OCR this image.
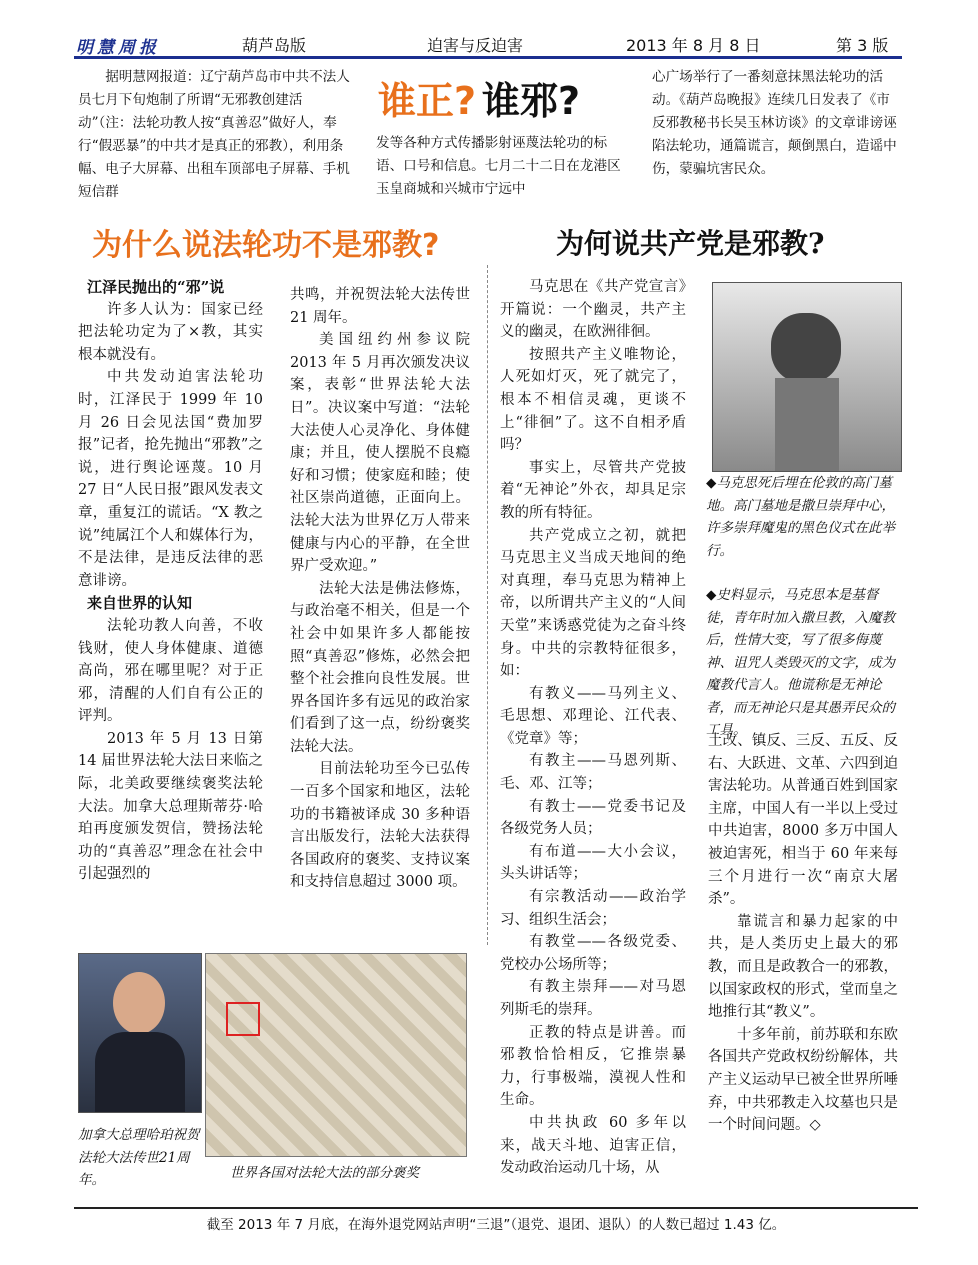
明慧周报	葫芦岛版	迫害与反迫害	2013 年 8 月 8 日	第 3 版

据明慧网报道：辽宁葫芦岛市中共不法人员七月下旬炮制了所谓“无邪教创建活动”（注：法轮功教人按“真善忍”做好人，奉行“假恶暴”的中共才是真正的邪教），利用条幅、电子大屏幕、出租车顶部电子屏幕、手机短信群

谁正? 谁邪?

发等各种方式传播影射诬蔑法轮功的标语、口号和信息。七月二十二日在龙港区玉皇商城和兴城市宁远中

心广场举行了一番刻意抹黑法轮功的活动。《葫芦岛晚报》连续几日发表了《市反邪教秘书长吴玉林访谈》的文章诽谤诬陷法轮功，通篇谎言，颠倒黑白，造谣中伤，蒙骗坑害民众。

为什么说法轮功不是邪教?	为何说共产党是邪教?
江泽民抛出的“邪”说

许多人认为：国家已经把法轮功定为了×教，其实根本就没有。

中共发动迫害法轮功时，江泽民于 1999 年 10 月 26 日会见法国“费加罗报”记者，抢先抛出“邪教”之说，进行舆论诬蔑。10 月 27 日“人民日报”跟风发表文章，重复江的谎话。“X 教之说”纯属江个人和媒体行为，不是法律，是违反法律的恶意诽谤。

来自世界的认知

法轮功教人向善，不收钱财，使人身体健康、道德高尚，邪在哪里呢？对于正邪，清醒的人们自有公正的评判。

2013 年 5 月 13 日第 14 届世界法轮大法日来临之际，北美政要继续褒奖法轮大法。加拿大总理斯蒂芬·哈珀再度颁发贺信，赞扬法轮功的“真善忍”理念在社会中引起强烈的

共鸣，并祝贺法轮大法传世 21 周年。

美国纽约州参议院 2013 年 5 月再次颁发决议案，表彰“世界法轮大法日”。决议案中写道：“法轮大法使人心灵净化、身体健康；并且，使人摆脱不良瘾好和习惯；使家庭和睦；使社区崇尚道德，正面向上。法轮大法为世界亿万人带来健康与内心的平静，在全世界广受欢迎。”

法轮大法是佛法修炼，与政治毫不相关，但是一个社会中如果许多人都能按照“真善忍”修炼，必然会把整个社会推向良性发展。世界各国许多有远见的政治家们看到了这一点，纷纷褒奖法轮大法。

目前法轮功至今已弘传一百多个国家和地区，法轮功的书籍被译成 30 多种语言出版发行，法轮大法获得各国政府的褒奖、支持议案和支持信息超过 3000 项。

加拿大总理哈珀祝贺法轮大法传世21周年。	世界各国对法轮大法的部分褒奖

马克思在《共产党宣言》开篇说：一个幽灵，共产主义的幽灵，在欧洲徘徊。

按照共产主义唯物论，人死如灯灭，死了就完了，根本不相信灵魂，更谈不上“徘徊”了。这不自相矛盾吗？

事实上，尽管共产党披着“无神论”外衣，却具足宗教的所有特征。

共产党成立之初，就把马克思主义当成天地间的绝对真理，奉马克思为精神上帝，以所谓共产主义的“人间天堂”来诱惑党徒为之奋斗终身。中共的宗教特征很多，如：

有教义——马列主义、毛思想、邓理论、江代表、《党章》等；

有教主——马恩列斯、毛、邓、江等；

有教士——党委书记及各级党务人员；

有布道——大小会议，头头讲话等；

有宗教活动——政治学习、组织生活会；

有教堂——各级党委、党校办公场所等；

有教主崇拜——对马恩列斯毛的崇拜。

正教的特点是讲善。而邪教恰恰相反，它推崇暴力，行事极端，漠视人性和生命。

中共执政 60 多年以来，战天斗地、迫害正信，发动政治运动几十场，从

◆马克思死后埋在伦敦的高门墓地。高门墓地是撒旦崇拜中心，许多崇拜魔鬼的黑色仪式在此举行。
◆史料显示，马克思本是基督徒，青年时加入撒旦教，入魔教后，性情大变，写了很多侮蔑神、诅咒人类毁灭的文字，成为魔教代言人。他谎称是无神论者，而无神论只是其愚弄民众的工具。

土改、镇反、三反、五反、反右、大跃进、文革、六四到迫害法轮功。从普通百姓到国家主席，中国人有一半以上受过中共迫害，8000 多万中国人被迫害死，相当于 60 年来每三个月进行一次“南京大屠杀”。

靠谎言和暴力起家的中共，是人类历史上最大的邪教，而且是政教合一的邪教，以国家政权的形式，堂而皇之地推行其“教义”。

十多年前，前苏联和东欧各国共产党政权纷纷解体，共产主义运动早已被全世界所唾弃，中共邪教走入坟墓也只是一个时间问题。◇

截至 2013 年 7 月底，在海外退党网站声明“三退”（退党、退团、退队）的人数已超过 1.43 亿。
